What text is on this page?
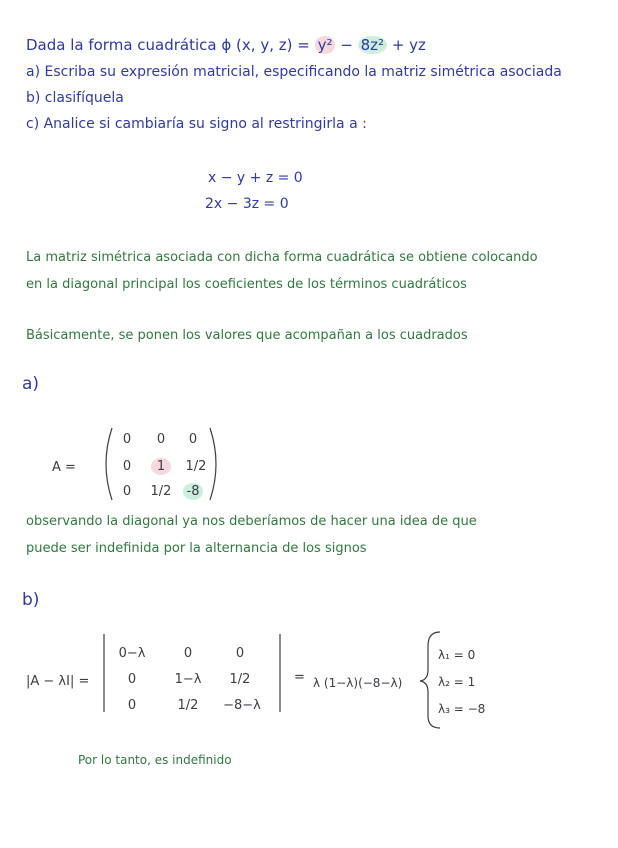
Dada la forma cuadrática ϕ (x, y, z) = y² − 8z² + yz
a) Escriba su expresión matricial, especificando la matriz simétrica asociada
b) clasifíquela
c) Analice si cambiaría su signo al restringirla a :
x − y + z = 0
2x − 3z = 0
La matriz simétrica asociada con dicha forma cuadrática se obtiene colocando
en la diagonal principal los coeficientes de los términos cuadráticos
Básicamente, se ponen los valores que acompañan a los cuadrados
a)
A =
0	0	0
0	1	1/2
0	1/2	-8
observando la diagonal ya nos deberíamos de hacer una idea de que
puede ser indefinida por la alternancia de los signos
b)
|A − λI| =
0−λ	0	0
0	1−λ	1/2
0	1/2	−8−λ
= λ (1−λ)(−8−λ)
λ₁ = 0
λ₂ = 1
λ₃ = −8
Por lo tanto, es indefinido
